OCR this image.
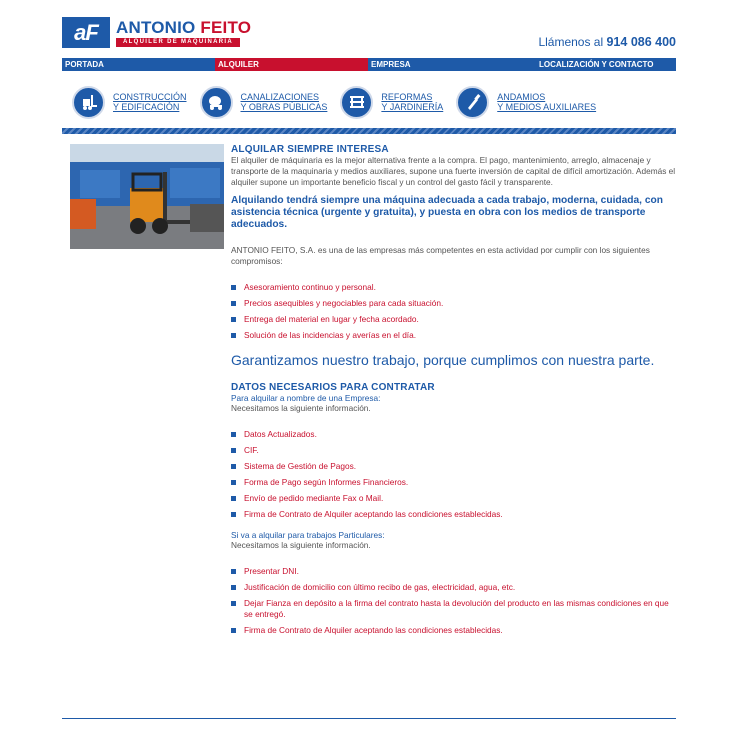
aF	ANTONIO FEITO
ALQUILER DE MAQUINARIA	Llámenos al 914 086 400
PORTADA	ALQUILER	EMPRESA	LOCALIZACIÓN Y CONTACTO
CONSTRUCCIÓN
Y EDIFICACIÓN
CANALIZACIONES
Y OBRAS PÚBLICAS
REFORMAS
Y JARDINERÍA
ANDAMIOS
Y MEDIOS AUXILIARES
ALQUILAR SIEMPRE INTERESA

El alquiler de máquinaria es la mejor alternativa frente a la compra. El pago, mantenimiento, arreglo, almacenaje y transporte de la maquinaria y medios auxiliares, supone una fuerte inversión de capital de difícil amortización. Además el alquiler supone un importante beneficio fiscal y un control del gasto fácil y transparente.

Alquilando tendrá siempre una máquina adecuada a cada trabajo, moderna, cuidada, con asistencia técnica (urgente y gratuita), y puesta en obra con los medios de transporte adecuados.

ANTONIO FEITO, S.A. es una de las empresas más competentes en esta actividad por cumplir con los siguientes compromisos:

Asesoramiento continuo y personal.
Precios asequibles y negociables para cada situación.
Entrega del material en lugar y fecha acordado.
Solución de las incidencias y averías en el día.
Garantizamos nuestro trabajo, porque cumplimos con nuestra parte.
DATOS NECESARIOS PARA CONTRATAR
Para alquilar a nombre de una Empresa:

Necesitamos la siguiente información.

Datos Actualizados.
CIF.
Sistema de Gestión de Pagos.
Forma de Pago según Informes Financieros.
Envío de pedido mediante Fax o Mail.
Firma de Contrato de Alquiler aceptando las condiciones establecidas.
Si va a alquilar para trabajos Particulares:

Necesitamos la siguiente información.

Presentar DNI.
Justificación de domicilio con último recibo de gas, electricidad, agua, etc.
Dejar Fianza en depósito a la firma del contrato hasta la devolución del producto en las mismas condiciones en que se entregó.
Firma de Contrato de Alquiler aceptando las condiciones establecidas.
